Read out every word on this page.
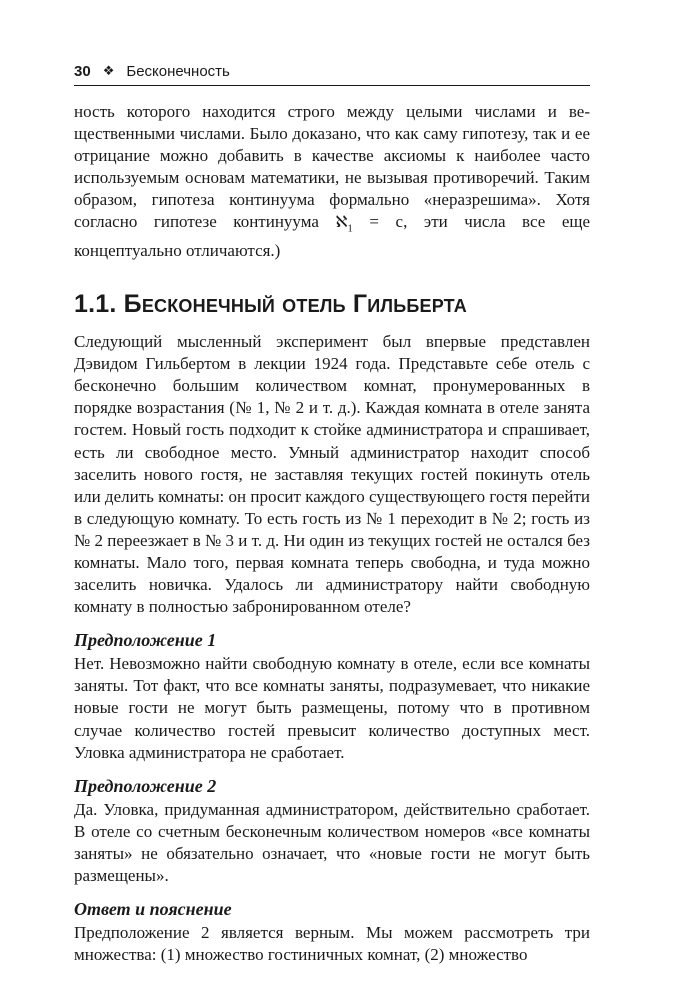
30 ❖ Бесконечность

ность которого находится строго между целыми числами и вещественными числами. Было доказано, что как саму гипотезу, так и ее отрицание можно добавить в качестве аксиомы к наиболее часто используемым основам математики, не вызывая противоречий. Таким образом, гипотеза континуума формально «неразрешима». Хотя согласно гипотезе континуума ℵ$_1$ = c, эти числа все еще концептуально отличаются.)

1.1. Бесконечный отель Гильберта

Следующий мысленный эксперимент был впервые представлен Дэвидом Гильбертом в лекции 1924 года. Представьте себе отель с бесконечно большим количеством комнат, пронумерованных в порядке возрастания (№ 1, № 2 и т. д.). Каждая комната в отеле занята гостем. Новый гость подходит к стойке администратора и спрашивает, есть ли свободное место. Умный администратор находит способ заселить нового гостя, не заставляя текущих гостей покинуть отель или делить комнаты: он просит каждого существующего гостя перейти в следующую комнату. То есть гость из № 1 переходит в № 2; гость из № 2 переезжает в № 3 и т. д. Ни один из текущих гостей не остался без комнаты. Мало того, первая комната теперь свободна, и туда можно заселить новичка. Удалось ли администратору найти свободную комнату в полностью забронированном отеле?

Предположение 1

Нет. Невозможно найти свободную комнату в отеле, если все комнаты заняты. Тот факт, что все комнаты заняты, подразумевает, что никакие новые гости не могут быть размещены, потому что в противном случае количество гостей превысит количество доступных мест. Уловка администратора не сработает.

Предположение 2

Да. Уловка, придуманная администратором, действительно сработает. В отеле со счетным бесконечным количеством номеров «все комнаты заняты» не обязательно означает, что «новые гости не могут быть размещены».

Ответ и пояснение

Предположение 2 является верным. Мы можем рассмотреть три множества: (1) множество гостиничных комнат, (2) множество
